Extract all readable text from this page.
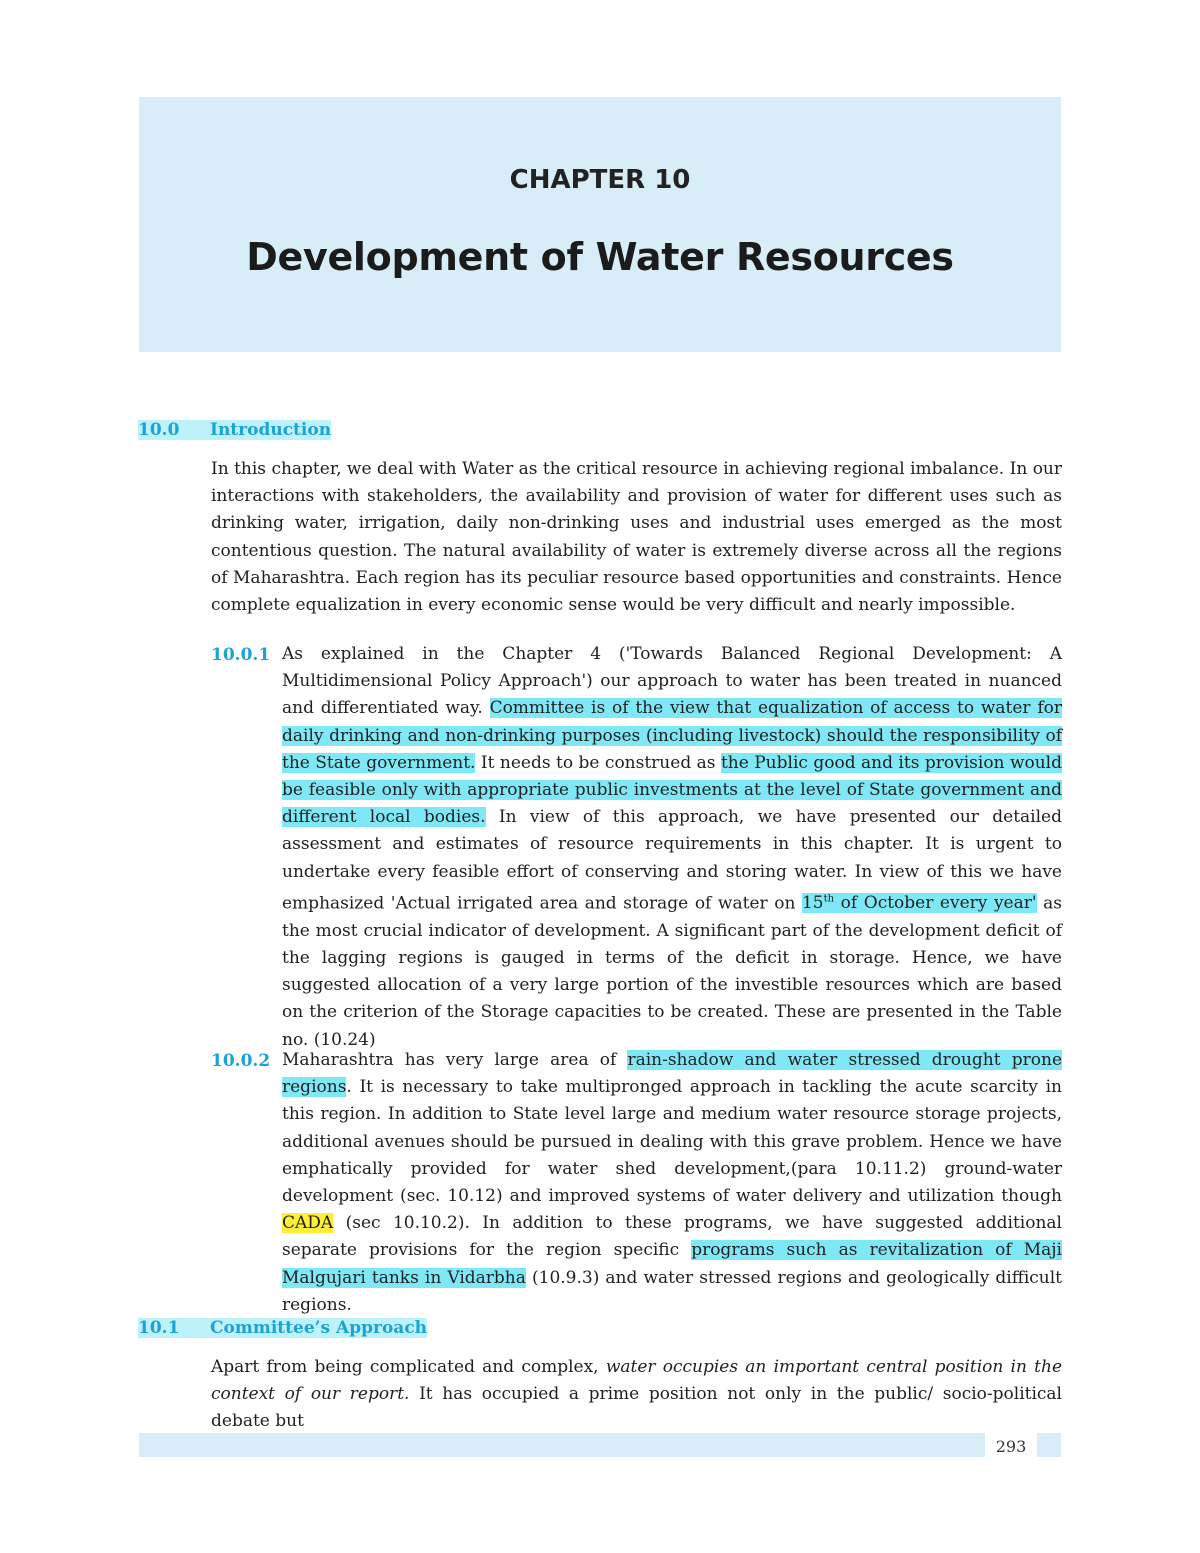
CHAPTER 10
Development of Water Resources
10.0 Introduction
In this chapter, we deal with Water as the critical resource in achieving regional imbalance. In our interactions with stakeholders, the availability and provision of water for different uses such as drinking water, irrigation, daily non-drinking uses and industrial uses emerged as the most contentious question. The natural availability of water is extremely diverse across all the regions of Maharashtra. Each region has its peculiar resource based opportunities and constraints. Hence complete equalization in every economic sense would be very difficult and nearly impossible.
10.0.1 As explained in the Chapter 4 ('Towards Balanced Regional Development: A Multidimensional Policy Approach') our approach to water has been treated in nuanced and differentiated way. Committee is of the view that equalization of access to water for daily drinking and non-drinking purposes (including livestock) should the responsibility of the State government. It needs to be construed as the Public good and its provision would be feasible only with appropriate public investments at the level of State government and different local bodies. In view of this approach, we have presented our detailed assessment and estimates of resource requirements in this chapter. It is urgent to undertake every feasible effort of conserving and storing water. In view of this we have emphasized 'Actual irrigated area and storage of water on 15th of October every year' as the most crucial indicator of development. A significant part of the development deficit of the lagging regions is gauged in terms of the deficit in storage. Hence, we have suggested allocation of a very large portion of the investible resources which are based on the criterion of the Storage capacities to be created. These are presented in the Table no. (10.24)
10.0.2 Maharashtra has very large area of rain-shadow and water stressed drought prone regions. It is necessary to take multipronged approach in tackling the acute scarcity in this region. In addition to State level large and medium water resource storage projects, additional avenues should be pursued in dealing with this grave problem. Hence we have emphatically provided for water shed development,(para 10.11.2) ground-water development (sec. 10.12) and improved systems of water delivery and utilization though CADA (sec 10.10.2). In addition to these programs, we have suggested additional separate provisions for the region specific programs such as revitalization of Maji Malgujari tanks in Vidarbha (10.9.3) and water stressed regions and geologically difficult regions.
10.1 Committee’s Approach
Apart from being complicated and complex, water occupies an important central position in the context of our report. It has occupied a prime position not only in the public/ socio-political debate but
293
